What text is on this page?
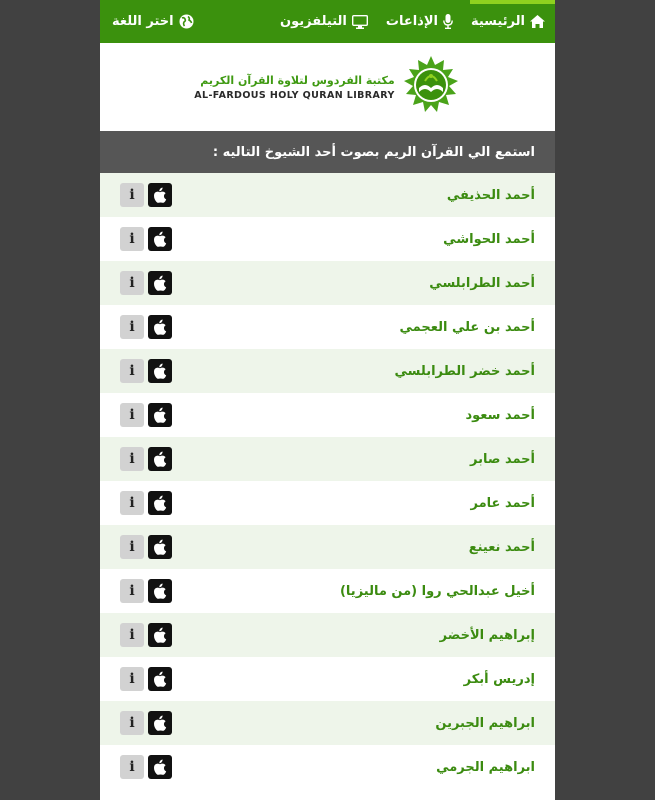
الرئيسية
الإذاعات
التيلفزيون
اختر اللغة
مكتبة الفردوس لتلاوة القرآن الكريم
AL-FARDOUS HOLY QURAN LIBRARY
استمع الي القرآن الريم بصوت أحد الشيوخ التاليه :
أحمد الحذيفي
i
أحمد الحواشي
i
أحمد الطرابلسي
i
أحمد بن علي العجمي
i
أحمد خضر الطرابلسي
i
أحمد سعود
i
أحمد صابر
i
أحمد عامر
i
أحمد نعينع
i
أخيل عبدالحي روا (من ماليزيا)
i
إبراهيم الأخضر
i
إدريس أبكر
i
ابراهيم الجبرين
i
ابراهيم الجرمي
i
